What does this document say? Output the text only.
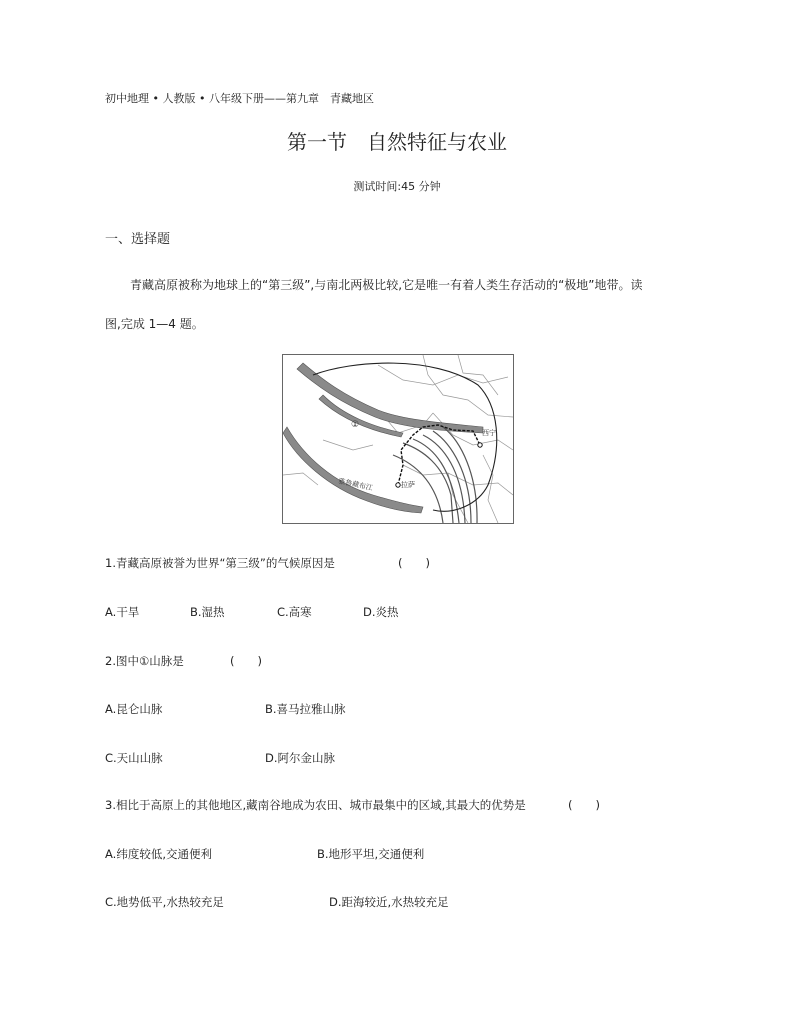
初中地理 • 人教版 • 八年级下册——第九章　青藏地区
第一节　自然特征与农业
测试时间:45 分钟
一、选择题
青藏高原被称为地球上的“第三级”,与南北两极比较,它是唯一有着人类生存活动的“极地”地带。读
图,完成 1—4 题。
①
雅鲁藏布江	拉萨
西宁
1.青藏高原被誉为世界“第三级”的气候原因是	(　　)
A.干旱	B.湿热	C.高寒	D.炎热
2.图中①山脉是	(　　)
A.昆仑山脉	B.喜马拉雅山脉
C.天山山脉	D.阿尔金山脉
3.相比于高原上的其他地区,藏南谷地成为农田、城市最集中的区域,其最大的优势是	(　　)
A.纬度较低,交通便利	B.地形平坦,交通便利
C.地势低平,水热较充足	D.距海较近,水热较充足
